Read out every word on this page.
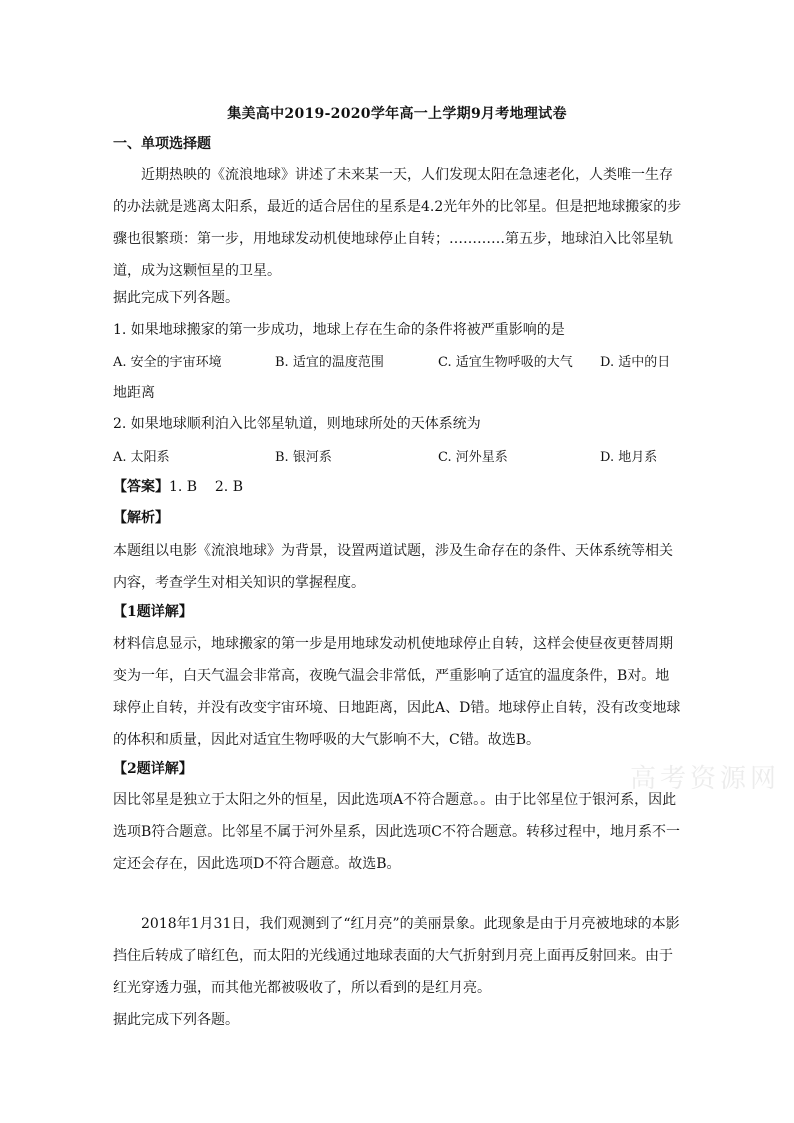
集美高中2019-2020学年高一上学期9月考地理试卷
一、单项选择题
近期热映的《流浪地球》讲述了未来某一天，人们发现太阳在急速老化，人类唯一生存的办法就是逃离太阳系，最近的适合居住的星系是4.2光年外的比邻星。但是把地球搬家的步骤也很繁琐：第一步，用地球发动机使地球停止自转；…………第五步，地球泊入比邻星轨道，成为这颗恒星的卫星。
据此完成下列各题。
1. 如果地球搬家的第一步成功，地球上存在生命的条件将被严重影响的是
A. 安全的宇宙环境	B. 适宜的温度范围	C. 适宜生物呼吸的大气 D. 适中的日
地距离
2. 如果地球顺利泊入比邻星轨道，则地球所处的天体系统为
A. 太阳系	B. 银河系	C. 河外星系	D. 地月系
【答案】1. B    2. B
【解析】
本题组以电影《流浪地球》为背景，设置两道试题，涉及生命存在的条件、天体系统等相关内容，考查学生对相关知识的掌握程度。
【1题详解】
材料信息显示，地球搬家的第一步是用地球发动机使地球停止自转，这样会使昼夜更替周期变为一年，白天气温会非常高，夜晚气温会非常低，严重影响了适宜的温度条件，B对。地球停止自转，并没有改变宇宙环境、日地距离，因此A、D错。地球停止自转，没有改变地球的体积和质量，因此对适宜生物呼吸的大气影响不大，C错。故选B。
【2题详解】
因比邻星是独立于太阳之外的恒星，因此选项A不符合题意。。由于比邻星位于银河系，因此选项B符合题意。比邻星不属于河外星系，因此选项C不符合题意。转移过程中，地月系不一定还会存在，因此选项D不符合题意。故选B。
2018年1月31日，我们观测到了“红月亮”的美丽景象。此现象是由于月亮被地球的本影挡住后转成了暗红色，而太阳的光线通过地球表面的大气折射到月亮上面再反射回来。由于红光穿透力强，而其他光都被吸收了，所以看到的是红月亮。
据此完成下列各题。
高考资源网
